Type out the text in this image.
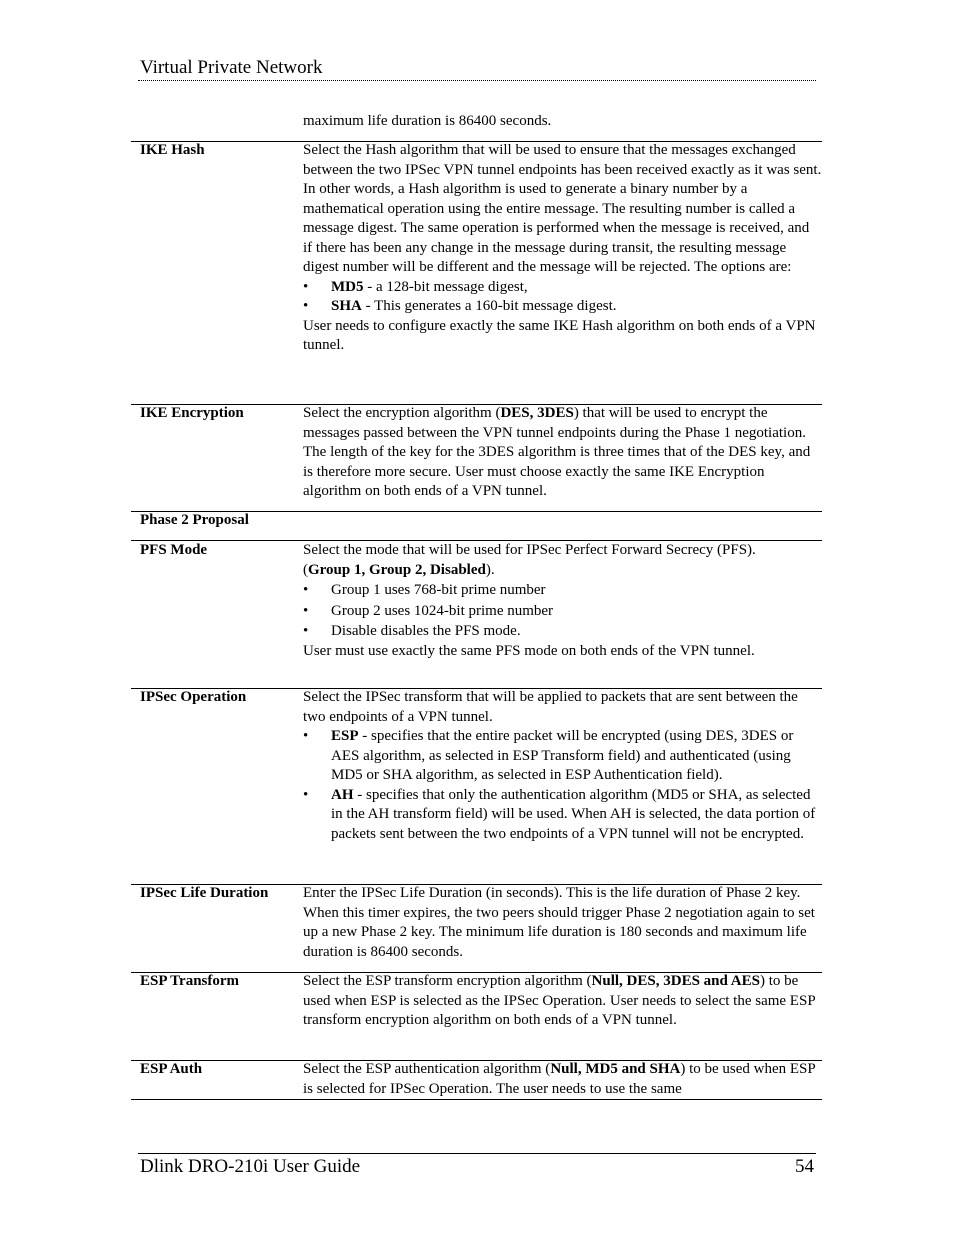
Virtual Private Network
maximum life duration is 86400 seconds.
IKE Hash	Select the Hash algorithm that will be used to ensure that the messages exchanged between the two IPSec VPN tunnel endpoints has been received exactly as it was sent. In other words, a Hash algorithm is used to generate a binary number by a mathematical operation using the entire message. The resulting number is called a message digest. The same operation is performed when the message is received, and if there has been any change in the message during transit, the resulting message digest number will be different and the message will be rejected. The options are:
• MD5 - a 128-bit message digest,
• SHA - This generates a 160-bit message digest.
User needs to configure exactly the same IKE Hash algorithm on both ends of a VPN tunnel.
IKE Encryption	Select the encryption algorithm (DES, 3DES) that will be used to encrypt the messages passed between the VPN tunnel endpoints during the Phase 1 negotiation. The length of the key for the 3DES algorithm is three times that of the DES key, and is therefore more secure. User must choose exactly the same IKE Encryption algorithm on both ends of a VPN tunnel.
Phase 2 Proposal
PFS Mode	Select the mode that will be used for IPSec Perfect Forward Secrecy (PFS).
(Group 1, Group 2, Disabled).
• Group 1 uses 768-bit prime number
• Group 2 uses 1024-bit prime number
• Disable disables the PFS mode.
User must use exactly the same PFS mode on both ends of the VPN tunnel.
IPSec Operation	Select the IPSec transform that will be applied to packets that are sent between the two endpoints of a VPN tunnel.
• ESP - specifies that the entire packet will be encrypted (using DES, 3DES or AES algorithm, as selected in ESP Transform field) and authenticated (using MD5 or SHA algorithm, as selected in ESP Authentication field).
• AH - specifies that only the authentication algorithm (MD5 or SHA, as selected in the AH transform field) will be used. When AH is selected, the data portion of packets sent between the two endpoints of a VPN tunnel will not be encrypted.
IPSec Life Duration	Enter the IPSec Life Duration (in seconds). This is the life duration of Phase 2 key. When this timer expires, the two peers should trigger Phase 2 negotiation again to set up a new Phase 2 key. The minimum life duration is 180 seconds and maximum life duration is 86400 seconds.
ESP Transform	Select the ESP transform encryption algorithm (Null, DES, 3DES and AES) to be used when ESP is selected as the IPSec Operation. User needs to select the same ESP transform encryption algorithm on both ends of a VPN tunnel.
ESP Auth	Select the ESP authentication algorithm (Null, MD5 and SHA) to be used when ESP is selected for IPSec Operation. The user needs to use the same
Dlink DRO-210i User Guide	54
